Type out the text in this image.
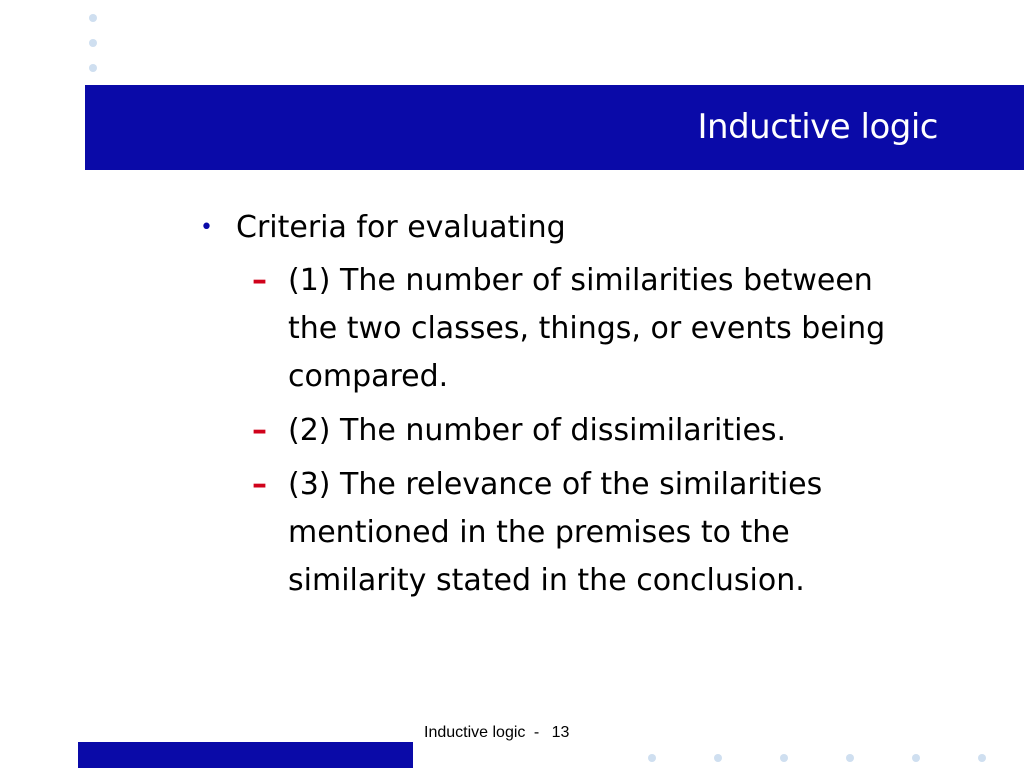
Inductive logic
• Criteria for evaluating
– (1) The number of similarities between the two classes, things, or events being compared.
– (2) The number of dissimilarities.
– (3) The relevance of the similarities mentioned in the premises to the similarity stated in the conclusion.
Inductive logic - 13
